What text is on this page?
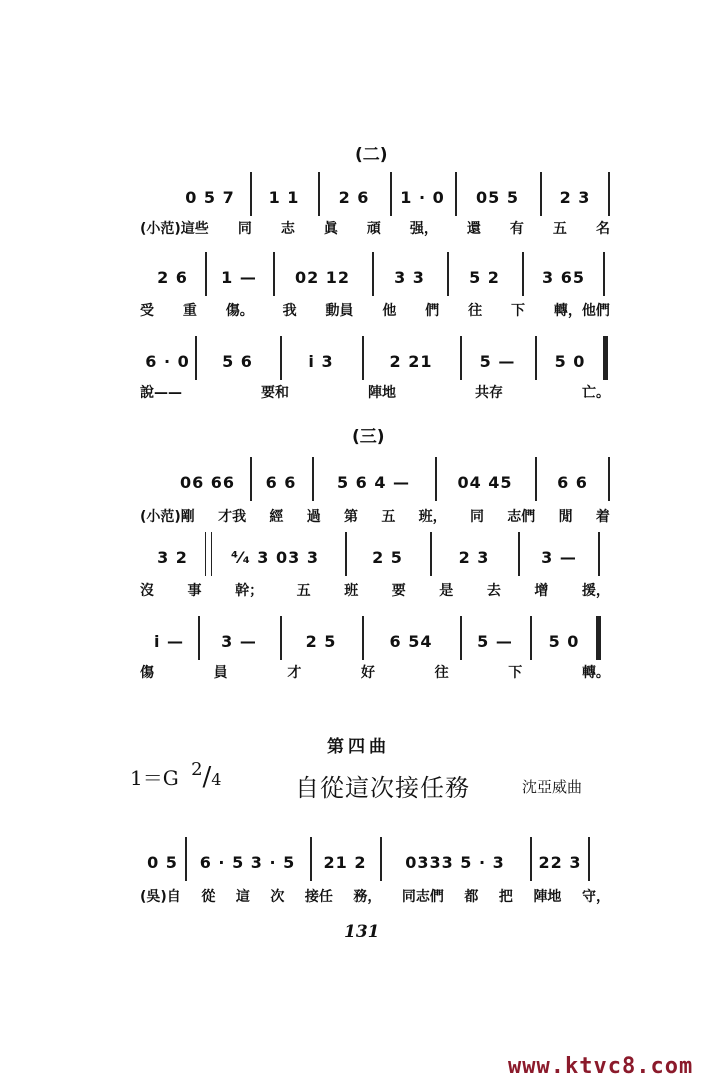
(二)
(三)
第四曲
1＝G 2/4	自從這次接任務	沈亞威曲
131
www.ktvc8.com
0 5 7	1 1	2 6	1 · 0	05 5	2 3
(小范)這些 同 志 眞 頑 强， 還 有 五 名
2 6	1 —	02 12	3 3	5 2	3 65
受 重 傷。 我 動員 他 們 往 下 轉，他們
6 · 0	5 6	i 3	2 21	5 —	5 0
說——	要和	陣地	共存	亡。
06 66	6 6	5 6 4 —	04 45	6 6
(小范)剛 才我 經 過 第 五 班， 同 志們 閒 着
3 2	⁴⁄₄ 3 03 3	2 5	2 3	3 —
沒 事 幹； 五 班 要 是 去 增 援，
i —	3 —	2 5	6 54	5 —	5 0
傷	員	才	好	往	下	轉。
0 5	6 · 5 3 · 5	21 2	0333 5 · 3	22 3
(吳)自 從 這 次 接任 務， 同志們 都 把 陣地 守，
